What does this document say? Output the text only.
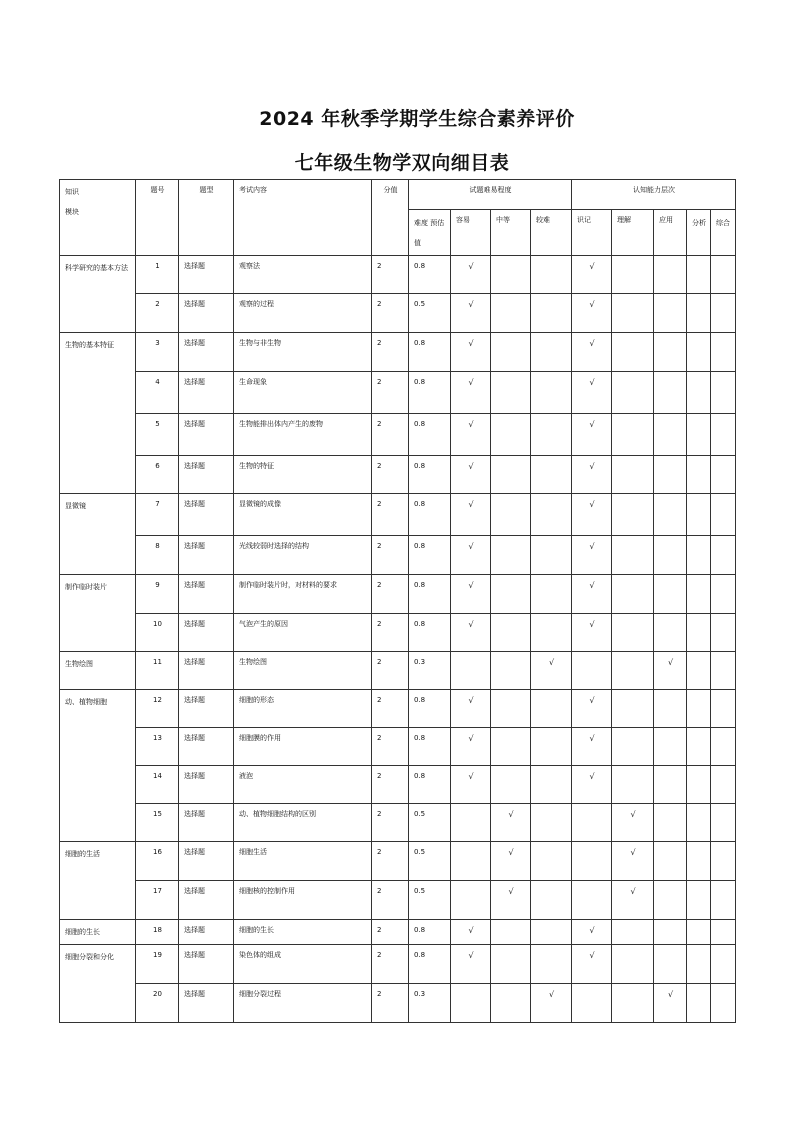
2024 年秋季学期学生综合素养评价
七年级生物学双向细目表
知识
模块	题号	题型	考试内容	分值	试题难易程度				认知能力层次				
					难度 预估值	容易	中等	较难	识记	理解	应用	分析	综合
科学研究的基本方法	1	选择题	观察法	2	0.8	√			√				
	2	选择题	观察的过程	2	0.5	√			√				
生物的基本特征	3	选择题	生物与非生物	2	0.8	√			√				
	4	选择题	生命现象	2	0.8	√			√				
	5	选择题	生物能排出体内产生的废物	2	0.8	√			√				
	6	选择题	生物的特征	2	0.8	√			√				
显微镜	7	选择题	显微镜的成像	2	0.8	√			√				
	8	选择题	光线较弱时选择的结构	2	0.8	√			√				
制作临时装片	9	选择题	制作临时装片时，对材料的要求	2	0.8	√			√				
	10	选择题	气泡产生的原因	2	0.8	√			√				
生物绘图	11	选择题	生物绘图	2	0.3			√			√		
动、植物细胞	12	选择题	细胞的形态	2	0.8	√			√				
	13	选择题	细胞膜的作用	2	0.8	√			√				
	14	选择题	液泡	2	0.8	√			√				
	15	选择题	动、植物细胞结构的区别	2	0.5		√			√			
细胞的生活	16	选择题	细胞生活	2	0.5		√			√			
	17	选择题	细胞核的控制作用	2	0.5		√			√			
细胞的生长	18	选择题	细胞的生长	2	0.8	√			√				
细胞分裂和分化	19	选择题	染色体的组成	2	0.8	√			√				
	20	选择题	细胞分裂过程	2	0.3			√			√		
